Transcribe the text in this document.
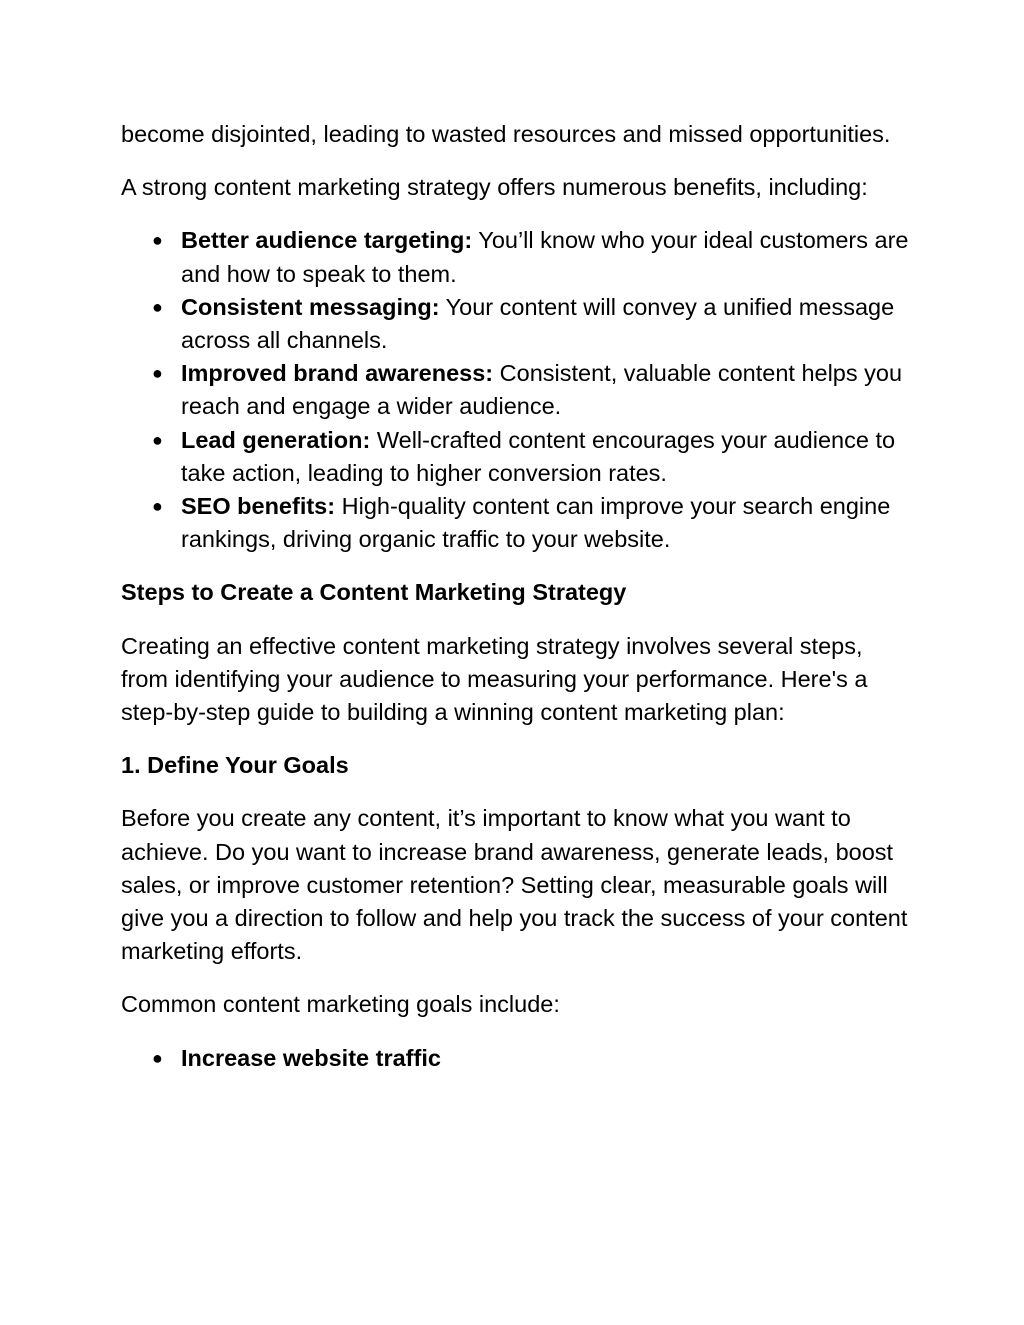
become disjointed, leading to wasted resources and missed opportunities.

A strong content marketing strategy offers numerous benefits, including:

● Better audience targeting: You’ll know who your ideal customers are and how to speak to them.
● Consistent messaging: Your content will convey a unified message across all channels.
● Improved brand awareness: Consistent, valuable content helps you reach and engage a wider audience.
● Lead generation: Well-crafted content encourages your audience to take action, leading to higher conversion rates.
● SEO benefits: High-quality content can improve your search engine rankings, driving organic traffic to your website.
Steps to Create a Content Marketing Strategy

Creating an effective content marketing strategy involves several steps, from identifying your audience to measuring your performance. Here's a step-by-step guide to building a winning content marketing plan:

1. Define Your Goals

Before you create any content, it’s important to know what you want to achieve. Do you want to increase brand awareness, generate leads, boost sales, or improve customer retention? Setting clear, measurable goals will give you a direction to follow and help you track the success of your content marketing efforts.

Common content marketing goals include:

● Increase website traffic
